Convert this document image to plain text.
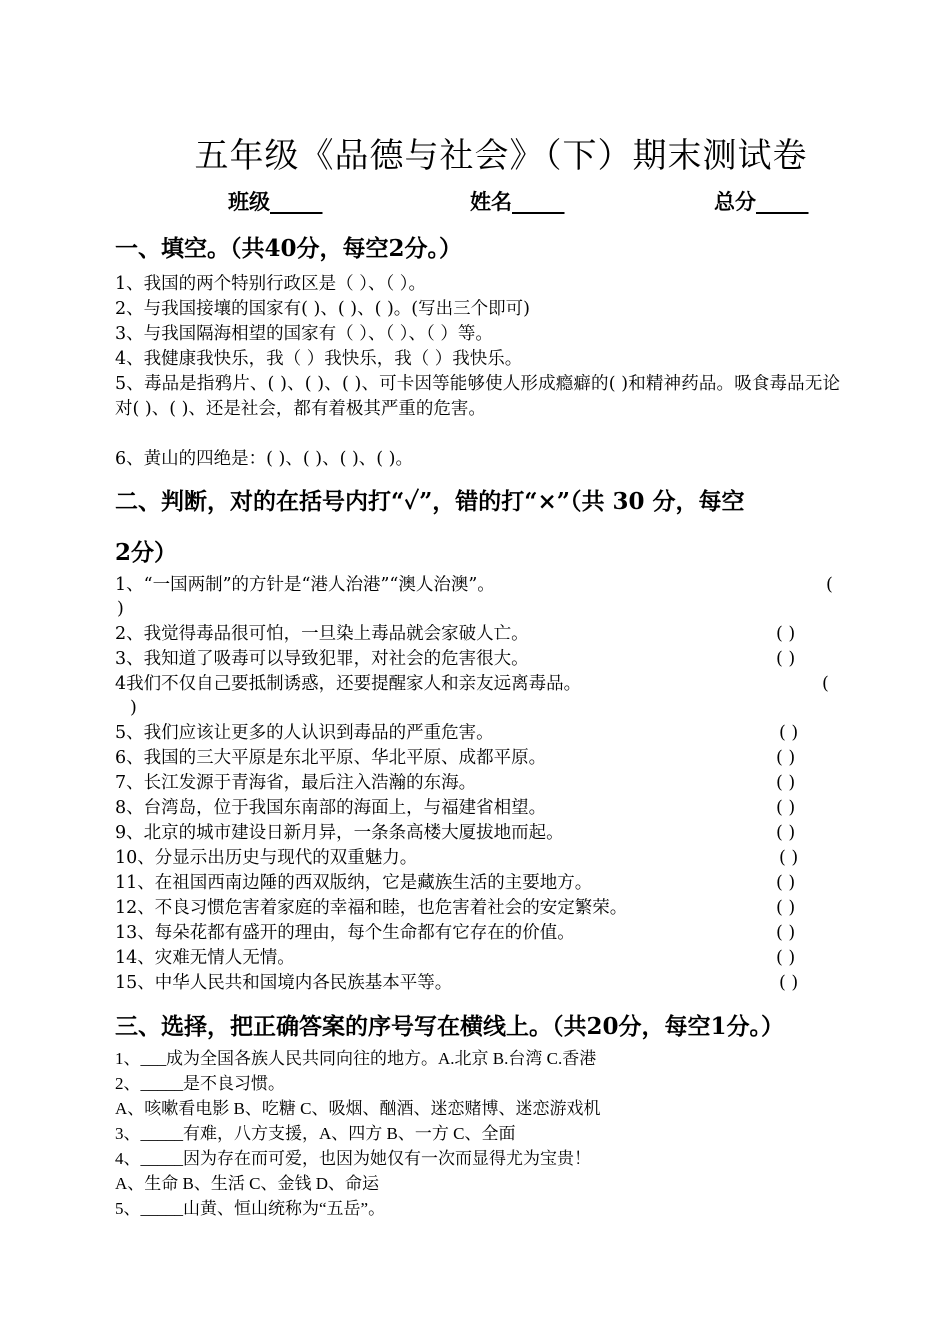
五年级《品德与社会》（下）期末测试卷
班级_____	姓名_____	总分_____
一、填空。（共40分，每空2分。）
1、我国的两个特别行政区是（ ）、（ ）。
2、与我国接壤的国家有( )、( )、( )。(写出三个即可)
3、与我国隔海相望的国家有（ ）、（ ）、（ ）等。
4、我健康我快乐，我（ ）我快乐，我（ ）我快乐。
5、毒品是指鸦片、( )、( )、( )、可卡因等能够使人形成瘾癖的( )和精神药品。吸食毒品无论对( )、( )、还是社会，都有着极其严重的危害。
6、黄山的四绝是：( )、( )、( )、( )。
二、判断，对的在括号内打“✓”，错的打“×”（共 30 分，每空
2分）
1、“一国两制”的方针是“港人治港”“澳人治澳”。	(
)
2、我觉得毒品很可怕，一旦染上毒品就会家破人亡。	( )
3、我知道了吸毒可以导致犯罪，对社会的危害很大。	( )
4我们不仅自己要抵制诱惑，还要提醒家人和亲友远离毒品。	(
)
5、我们应该让更多的人认识到毒品的严重危害。	( )
6、我国的三大平原是东北平原、华北平原、成都平原。	( )
7、长江发源于青海省，最后注入浩瀚的东海。	( )
8、台湾岛，位于我国东南部的海面上，与福建省相望。	( )
9、北京的城市建设日新月异，一条条高楼大厦拔地而起。	( )
10、分显示出历史与现代的双重魅力。	( )
11、在祖国西南边陲的西双版纳，它是藏族生活的主要地方。	( )
12、不良习惯危害着家庭的幸福和睦，也危害着社会的安定繁荣。	( )
13、每朵花都有盛开的理由，每个生命都有它存在的价值。	( )
14、灾难无情人无情。	( )
15、中华人民共和国境内各民族基本平等。	( )
三、选择，把正确答案的序号写在横线上。（共20分，每空1分。）
1、___成为全国各族人民共同向往的地方。A.北京 B.台湾 C.香港
2、_____是不良习惯。
A、咳嗽看电影 B、吃糖 C、吸烟、酗酒、迷恋赌博、迷恋游戏机
3、_____有难，八方支援，A、四方 B、一方 C、全面
4、_____因为存在而可爱，也因为她仅有一次而显得尤为宝贵！
A、生命 B、生活 C、金钱 D、命运
5、_____山黄、恒山统称为“五岳”。
